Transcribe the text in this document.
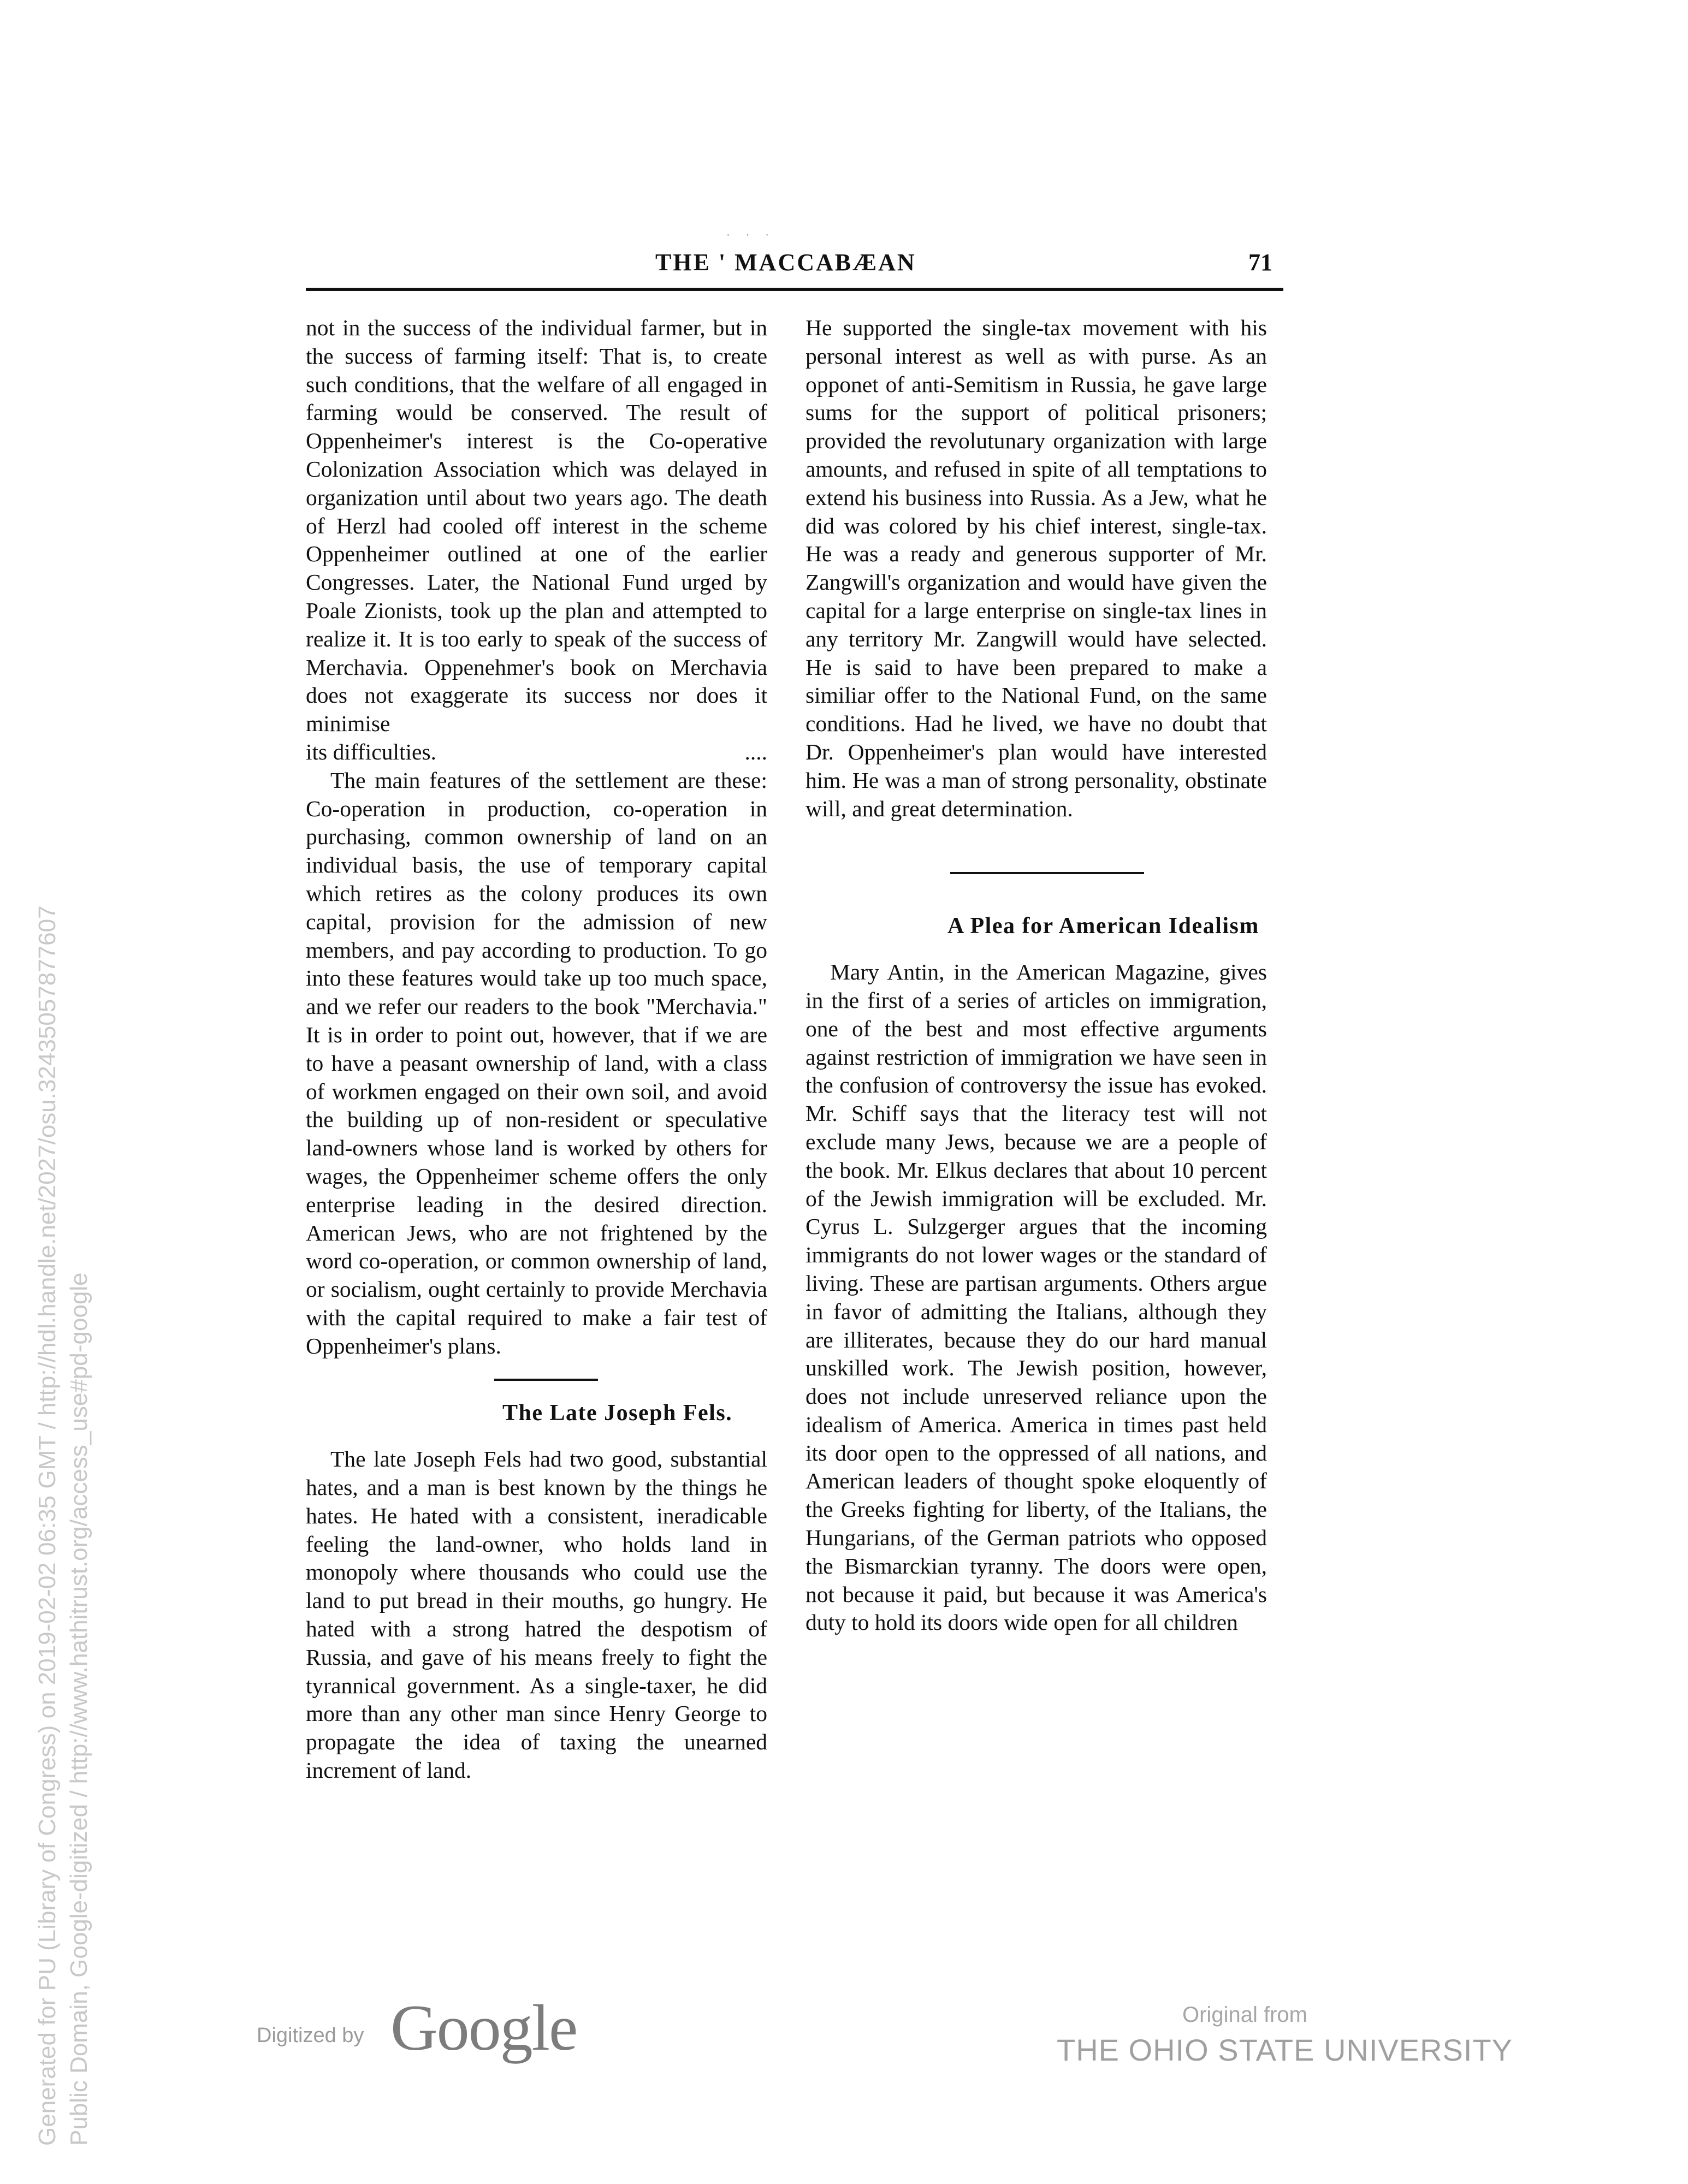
· · ·
THE ' MACCABÆAN	71

not in the success of the individual farmer, but in the success of farming itself: That is, to create such conditions, that the welfare of all engaged in farming would be conserved. The result of Oppenheimer's interest is the Co-operative Colonization Association which was delayed in organization until about two years ago. The death of Herzl had cooled off interest in the scheme Oppenheimer outlined at one of the earlier Congresses. Later, the National Fund urged by Poale Zionists, took up the plan and attempted to realize it. It is too early to speak of the success of Merchavia. Oppenehmer's book on Merchavia does not exaggerate its success nor does it minimise

its difficulties.	....

The main features of the settlement are these: Co-operation in production, co-operation in purchasing, common ownership of land on an individual basis, the use of temporary capital which retires as the colony produces its own capital, provision for the admission of new members, and pay according to production. To go into these features would take up too much space, and we refer our readers to the book "Merchavia." It is in order to point out, however, that if we are to have a peasant ownership of land, with a class of workmen engaged on their own soil, and avoid the building up of non-resident or speculative land-owners whose land is worked by others for wages, the Oppenheimer scheme offers the only enterprise leading in the desired direction. American Jews, who are not frightened by the word co-operation, or common ownership of land, or socialism, ought certainly to provide Merchavia with the capital required to make a fair test of Oppenheimer's plans.

The Late Joseph Fels.

The late Joseph Fels had two good, substantial hates, and a man is best known by the things he hates. He hated with a consistent, ineradicable feeling the land-owner, who holds land in monopoly where thousands who could use the land to put bread in their mouths, go hungry. He hated with a strong hatred the despotism of Russia, and gave of his means freely to fight the tyrannical government. As a single-taxer, he did more than any other man since Henry George to propagate the idea of taxing the unearned increment of land.

He supported the single-tax movement with his personal interest as well as with purse. As an opponet of anti-Semitism in Russia, he gave large sums for the support of political prisoners; provided the revolutunary organization with large amounts, and refused in spite of all temptations to extend his business into Russia. As a Jew, what he did was colored by his chief interest, single-tax. He was a ready and generous supporter of Mr. Zangwill's organization and would have given the capital for a large enterprise on single-tax lines in any territory Mr. Zangwill would have selected. He is said to have been prepared to make a similiar offer to the National Fund, on the same conditions. Had he lived, we have no doubt that Dr. Oppenheimer's plan would have interested him. He was a man of strong personality, obstinate will, and great determination.

A Plea for American Idealism

Mary Antin, in the American Magazine, gives in the first of a series of articles on immigration, one of the best and most effective arguments against restriction of immigration we have seen in the confusion of controversy the issue has evoked. Mr. Schiff says that the literacy test will not exclude many Jews, because we are a people of the book. Mr. Elkus declares that about 10 percent of the Jewish immigration will be excluded. Mr. Cyrus L. Sulzgerger argues that the incoming immigrants do not lower wages or the standard of living. These are partisan arguments. Others argue in favor of admitting the Italians, although they are illiterates, because they do our hard manual unskilled work. The Jewish position, however, does not include unreserved reliance upon the idealism of America. America in times past held its door open to the oppressed of all nations, and American leaders of thought spoke eloquently of the Greeks fighting for liberty, of the Italians, the Hungarians, of the German patriots who opposed the Bismarckian tyranny. The doors were open, not because it paid, but because it was America's duty to hold its doors wide open for all children

Digitized by Google	Original from
THE OHIO STATE UNIVERSITY
Generated for PU (Library of Congress) on 2019-02-02 06:35 GMT / http://hdl.handle.net/2027/osu.32435057877607 Public Domain, Google-digitized / http://www.hathitrust.org/access_use#pd-google
